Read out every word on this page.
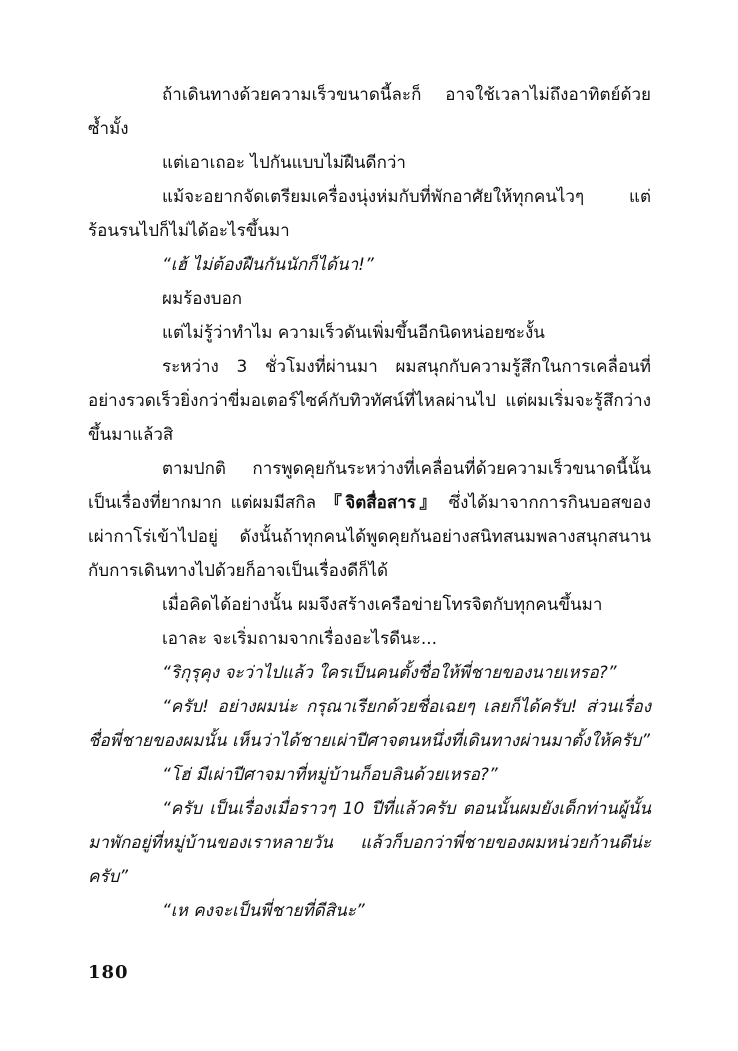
ถ้าเดินทางด้วยความเร็วขนาดนี้ละก็ อาจใช้เวลาไม่ถึงอาทิตย์ด้วยซ้ำมั้ง

แต่เอาเถอะ ไปกันแบบไม่ฝืนดีกว่า

แม้จะอยากจัดเตรียมเครื่องนุ่งห่มกับที่พักอาศัยให้ทุกคนไวๆ แต่ร้อนรนไปก็ไม่ได้อะไรขึ้นมา

“เฮ้ ไม่ต้องฝืนกันนักก็ได้นา!”

ผมร้องบอก

แต่ไม่รู้ว่าทำไม ความเร็วดันเพิ่มขึ้นอีกนิดหน่อยซะงั้น

ระหว่าง 3 ชั่วโมงที่ผ่านมา ผมสนุกกับความรู้สึกในการเคลื่อนที่อย่างรวดเร็วยิ่งกว่าขี่มอเตอร์ไซค์กับทิวทัศน์ที่ไหลผ่านไป แต่ผมเริ่มจะรู้สึกว่างขึ้นมาแล้วสิ

ตามปกติ การพูดคุยกันระหว่างที่เคลื่อนที่ด้วยความเร็วขนาดนี้นั้นเป็นเรื่องที่ยากมาก แต่ผมมีสกิล 『จิตสื่อสาร』 ซึ่งได้มาจากการกินบอสของเผ่ากาโร่เข้าไปอยู่ ดังนั้นถ้าทุกคนได้พูดคุยกันอย่างสนิทสนมพลางสนุกสนานกับการเดินทางไปด้วยก็อาจเป็นเรื่องดีก็ได้

เมื่อคิดได้อย่างนั้น ผมจึงสร้างเครือข่ายโทรจิตกับทุกคนขึ้นมา

เอาละ จะเริ่มถามจากเรื่องอะไรดีนะ...

“ริกุรุคุง จะว่าไปแล้ว ใครเป็นคนตั้งชื่อให้พี่ชายของนายเหรอ?”

“ครับ! อย่างผมน่ะ กรุณาเรียกด้วยชื่อเฉยๆ เลยก็ได้ครับ! ส่วนเรื่องชื่อพี่ชายของผมนั้น เห็นว่าได้ชายเผ่าปีศาจตนหนึ่งที่เดินทางผ่านมาตั้งให้ครับ”

“โฮ่ มีเผ่าปีศาจมาที่หมู่บ้านก็อบลินด้วยเหรอ?”

“ครับ เป็นเรื่องเมื่อราวๆ 10 ปีที่แล้วครับ ตอนนั้นผมยังเด็กท่านผู้นั้นมาพักอยู่ที่หมู่บ้านของเราหลายวัน แล้วก็บอกว่าพี่ชายของผมหน่วยก้านดีน่ะครับ”

“เห คงจะเป็นพี่ชายที่ดีสินะ”

180
